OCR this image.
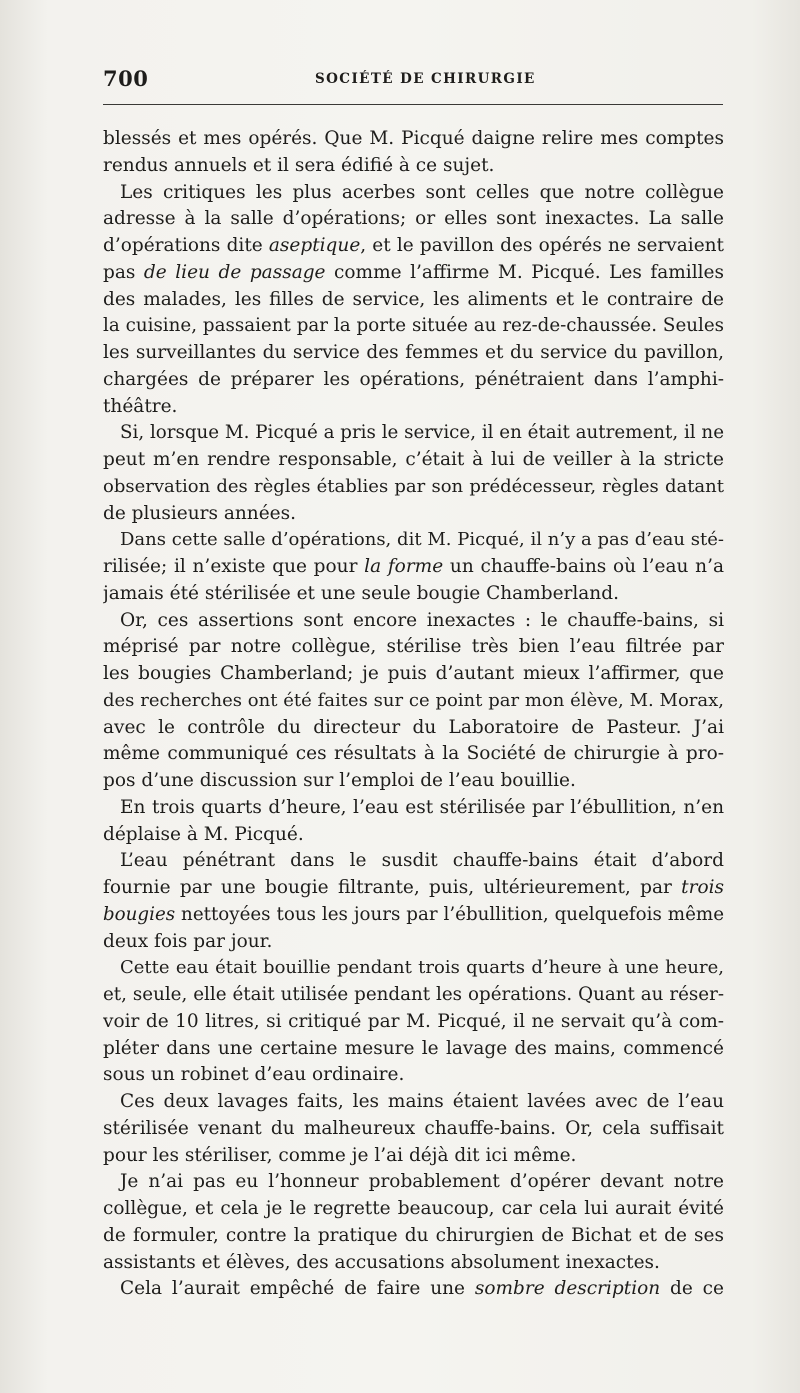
700	SOCIÉTÉ DE CHIRURGIE
blessés et mes opérés. Que M. Picqué daigne relire mes comptes
rendus annuels et il sera édifié à ce sujet.
Les critiques les plus acerbes sont celles que notre collègue
adresse à la salle d’opérations; or elles sont inexactes. La salle
d’opérations dite aseptique, et le pavillon des opérés ne servaient
pas de lieu de passage comme l’affirme M. Picqué. Les familles
des malades, les filles de service, les aliments et le contraire de
la cuisine, passaient par la porte située au rez-de-chaussée. Seules
les surveillantes du service des femmes et du service du pavillon,
chargées de préparer les opérations, pénétraient dans l’amphi-
théâtre.
Si, lorsque M. Picqué a pris le service, il en était autrement, il ne
peut m’en rendre responsable, c’était à lui de veiller à la stricte
observation des règles établies par son prédécesseur, règles datant
de plusieurs années.
Dans cette salle d’opérations, dit M. Picqué, il n’y a pas d’eau sté-
rilisée; il n’existe que pour la forme un chauffe-bains où l’eau n’a
jamais été stérilisée et une seule bougie Chamberland.
Or, ces assertions sont encore inexactes : le chauffe-bains, si
méprisé par notre collègue, stérilise très bien l’eau filtrée par
les bougies Chamberland; je puis d’autant mieux l’affirmer, que
des recherches ont été faites sur ce point par mon élève, M. Morax,
avec le contrôle du directeur du Laboratoire de Pasteur. J’ai
même communiqué ces résultats à la Société de chirurgie à pro-
pos d’une discussion sur l’emploi de l’eau bouillie.
En trois quarts d’heure, l’eau est stérilisée par l’ébullition, n’en
déplaise à M. Picqué.
L’eau pénétrant dans le susdit chauffe-bains était d’abord
fournie par une bougie filtrante, puis, ultérieurement, par trois
bougies nettoyées tous les jours par l’ébullition, quelquefois même
deux fois par jour.
Cette eau était bouillie pendant trois quarts d’heure à une heure,
et, seule, elle était utilisée pendant les opérations. Quant au réser-
voir de 10 litres, si critiqué par M. Picqué, il ne servait qu’à com-
pléter dans une certaine mesure le lavage des mains, commencé
sous un robinet d’eau ordinaire.
Ces deux lavages faits, les mains étaient lavées avec de l’eau
stérilisée venant du malheureux chauffe-bains. Or, cela suffisait
pour les stériliser, comme je l’ai déjà dit ici même.
Je n’ai pas eu l’honneur probablement d’opérer devant notre
collègue, et cela je le regrette beaucoup, car cela lui aurait évité
de formuler, contre la pratique du chirurgien de Bichat et de ses
assistants et élèves, des accusations absolument inexactes.
Cela l’aurait empêché de faire une sombre description de ce
